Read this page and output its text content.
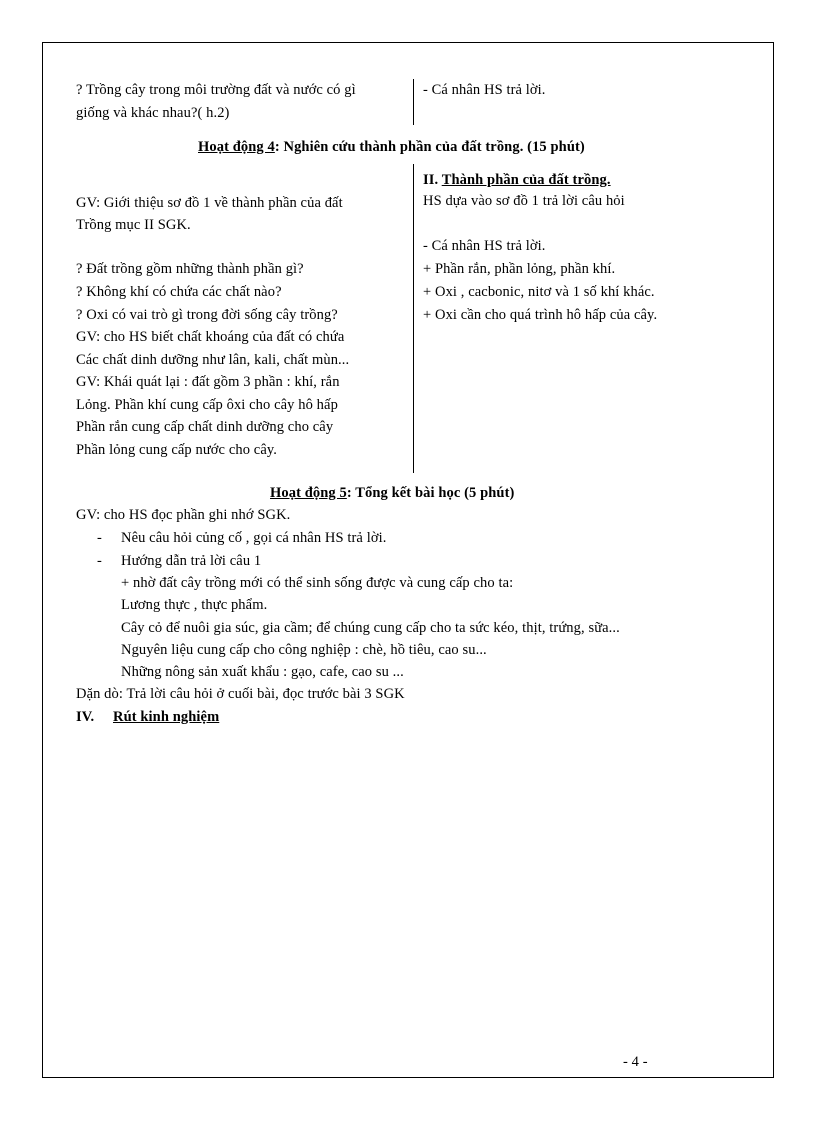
? Trồng cây trong môi trường đất và nước có gì
giống và khác nhau?( h.2)
- Cá nhân HS trả lời.
Hoạt động 4: Nghiên cứu thành phần của đất trồng. (15 phút)
II. Thành phần của đất trồng.
HS dựa vào sơ đồ 1 trả lời câu hỏi
- Cá nhân HS trả lời.
+ Phần rắn, phần lỏng, phần khí.
+ Oxi , cacbonic, nitơ và 1 số khí khác.
+ Oxi cần cho quá trình hô hấp của cây.
GV: Giới thiệu sơ đồ 1 về thành phần của đất
Trồng mục II SGK.
? Đất trồng gồm những thành phần gì?
? Không khí có chứa các chất nào?
? Oxi có vai trò gì trong đời sống cây trồng?
GV: cho HS biết chất khoáng của đất có chứa
Các chất dinh dưỡng như lân, kali, chất mùn...
GV: Khái quát lại : đất gồm 3 phần : khí, rắn
Lỏng. Phần khí cung cấp ôxi cho cây hô hấp
Phần rắn cung cấp chất dinh dưỡng cho cây
Phần lỏng cung cấp nước cho cây.
Hoạt động 5: Tổng kết bài học (5 phút)
GV: cho HS đọc phần ghi nhớ SGK.
- Nêu câu hỏi củng cố , gọi cá nhân HS trả lời.
- Hướng dẫn trả lời câu 1
+ nhờ đất cây trồng mới có thể sinh sống được và cung cấp cho ta:
Lương thực , thực phẩm.
Cây cỏ để nuôi gia súc, gia cầm; để chúng cung cấp cho ta sức kéo, thịt, trứng, sữa...
Nguyên liệu cung cấp cho công nghiệp : chè, hồ tiêu, cao su...
Những nông sản xuất khẩu : gạo, cafe, cao su ...
Dặn dò: Trả lời câu hỏi ở cuối bài, đọc trước bài 3 SGK
IV. Rút kinh nghiệm
- 4 -
